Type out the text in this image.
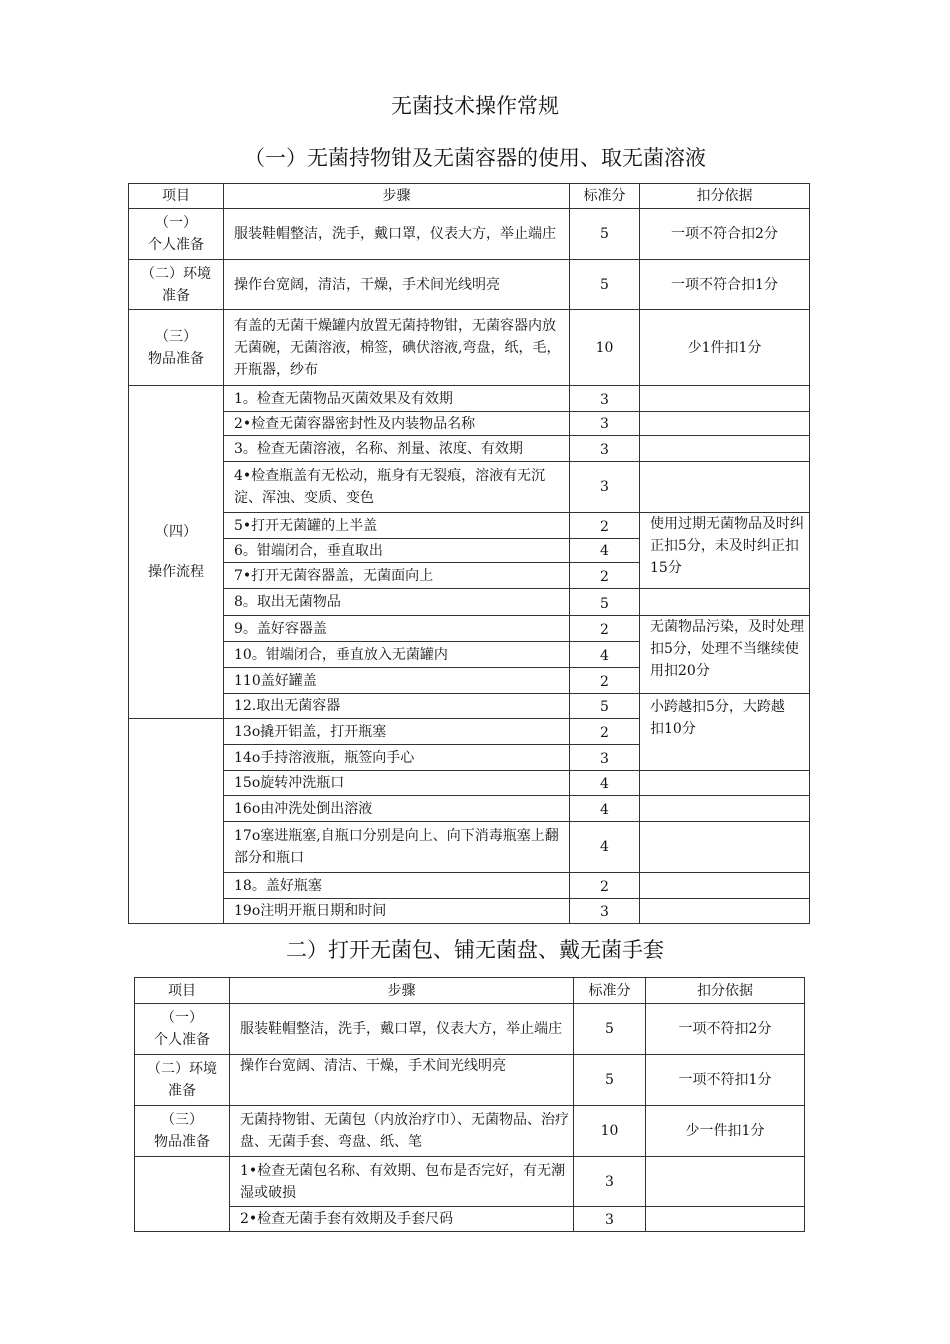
无菌技术操作常规
（一）无菌持物钳及无菌容器的使用、取无菌溶液
项目	步骤	标准分	扣分依据

（一）
个人准备	服装鞋帽整洁，洗手，戴口罩，仪表大方，举止端庄	5	一项不符合扣2分

（二）环境
准备	操作台宽阔，清洁，干燥，手术间光线明亮	5	一项不符合扣1分

（三）
物品准备	有盖的无菌干燥罐内放置无菌持物钳，无菌容器内放无菌碗，无菌溶液，棉签，碘伏溶液,弯盘，纸，毛，开瓶器，纱布	10	少1件扣1分

（四）
操作流程	1。检查无菌物品灭菌效果及有效期	3	
	2•检查无菌容器密封性及内装物品名称	3	
	3。检查无菌溶液，名称、剂量、浓度、有效期	3	
	4•检查瓶盖有无松动，瓶身有无裂痕，溶液有无沉淀、浑浊、变质、变色	3	
	5•打开无菌罐的上半盖	2	使用过期无菌物品及时纠正扣5分，未及时纠正扣15分
	6。钳端闭合，垂直取出	4	
	7•打开无菌容器盖，无菌面向上	2	
	8。取出无菌物品	5	
	9。盖好容器盖	2	无菌物品污染，及时处理扣5分，处理不当继续使用扣20分
	10。钳端闭合，垂直放入无菌罐内	4	
	110盖好罐盖	2	
	12.取出无菌容器	5	小跨越扣5分，大跨越
扣10分

	13o撬开铝盖，打开瓶塞	2	
	14o手持溶液瓶，瓶签向手心	3	
	15o旋转冲洗瓶口	4	
	16o由冲洗处倒出溶液	4	
	17o塞进瓶塞,自瓶口分别是向上、向下消毒瓶塞上翻部分和瓶口	4	
	18。盖好瓶塞	2	
	19o注明开瓶日期和时间	3	
二）打开无菌包、铺无菌盘、戴无菌手套
项目	步骤	标准分	扣分依据

（一）
个人准备	服装鞋帽整洁，洗手，戴口罩，仪表大方，举止端庄	5	一项不符扣2分

（二）环境
准备	操作台宽阔、清洁、干燥，手术间光线明亮	5	一项不符扣1分

（三）
物品准备	无菌持物钳、无菌包（内放治疗巾）、无菌物品、治疗盘、无菌手套、弯盘、纸、笔	10	少一件扣1分
	1•检查无菌包名称、有效期、包布是否完好，有无潮湿或破损	3	
	2•检查无菌手套有效期及手套尺码	3	
